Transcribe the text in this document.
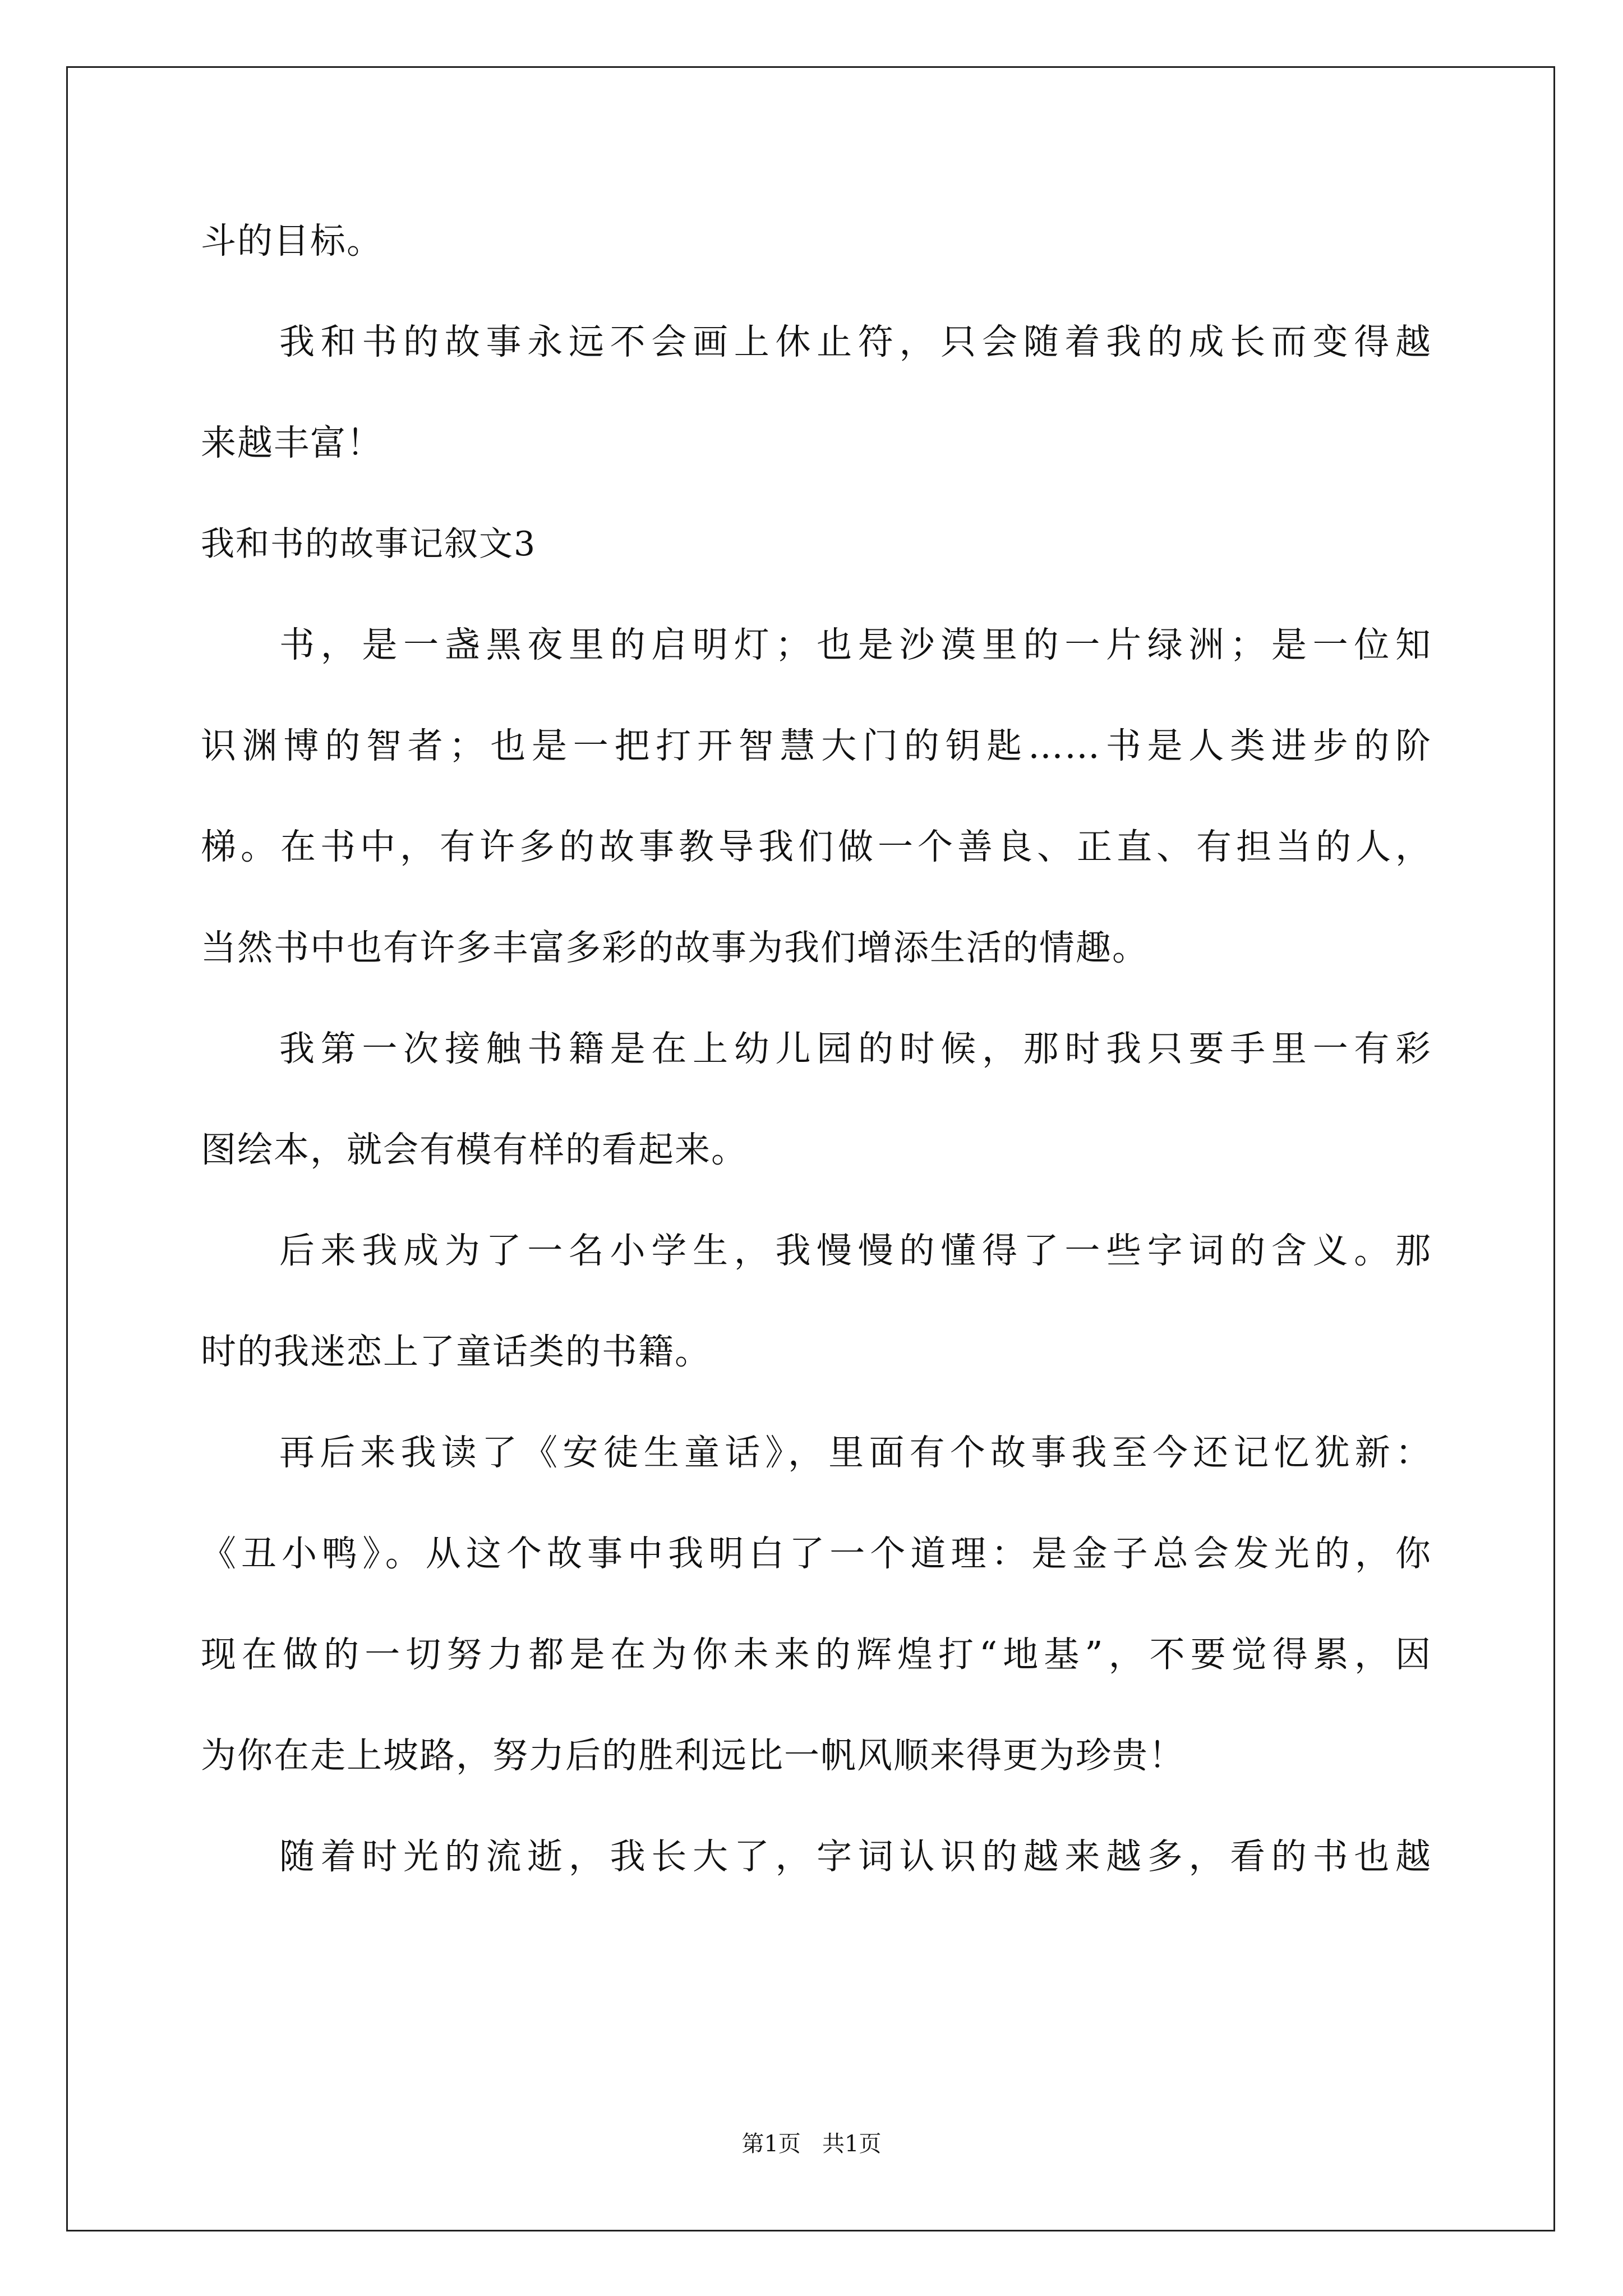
斗的目标。
我和书的故事永远不会画上休止符，只会随着我的成长而变得越
来越丰富！
我和书的故事记叙文3
书，是一盏黑夜里的启明灯；也是沙漠里的一片绿洲；是一位知
识渊博的智者；也是一把打开智慧大门的钥匙……书是人类进步的阶
梯。在书中，有许多的故事教导我们做一个善良、正直、有担当的人，
当然书中也有许多丰富多彩的故事为我们增添生活的情趣。
我第一次接触书籍是在上幼儿园的时候，那时我只要手里一有彩
图绘本，就会有模有样的看起来。
后来我成为了一名小学生，我慢慢的懂得了一些字词的含义。那
时的我迷恋上了童话类的书籍。
再后来我读了《安徒生童话》，里面有个故事我至今还记忆犹新：
《丑小鸭》。从这个故事中我明白了一个道理：是金子总会发光的，你
现在做的一切努力都是在为你未来的辉煌打“地基”，不要觉得累，因
为你在走上坡路，努力后的胜利远比一帆风顺来得更为珍贵！
随着时光的流逝，我长大了，字词认识的越来越多，看的书也越
第1页   共1页
